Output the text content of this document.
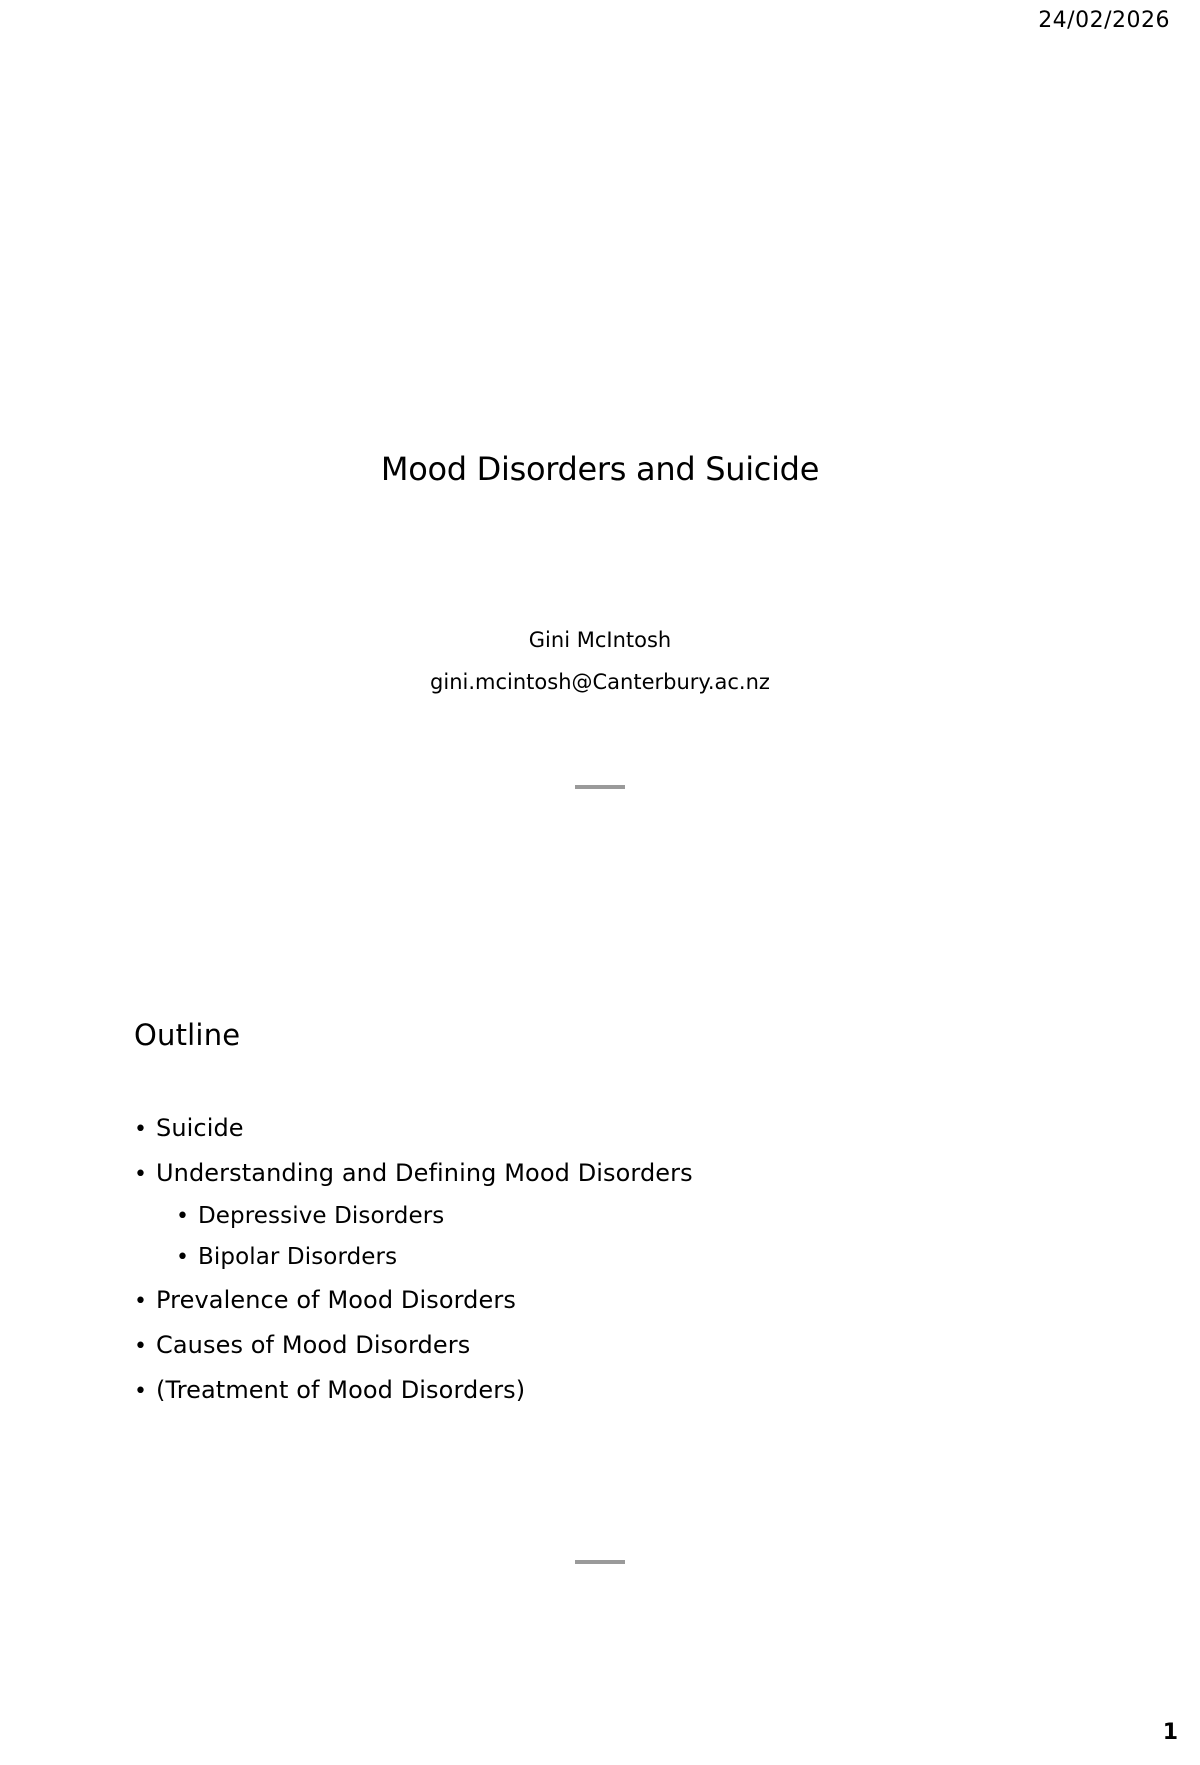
24/02/2026
Mood Disorders and Suicide
Gini McIntosh
gini.mcintosh@Canterbury.ac.nz
Outline
• Suicide
• Understanding and Defining Mood Disorders
• Depressive Disorders
• Bipolar Disorders
• Prevalence of Mood Disorders
• Causes of Mood Disorders
• (Treatment of Mood Disorders)
1
